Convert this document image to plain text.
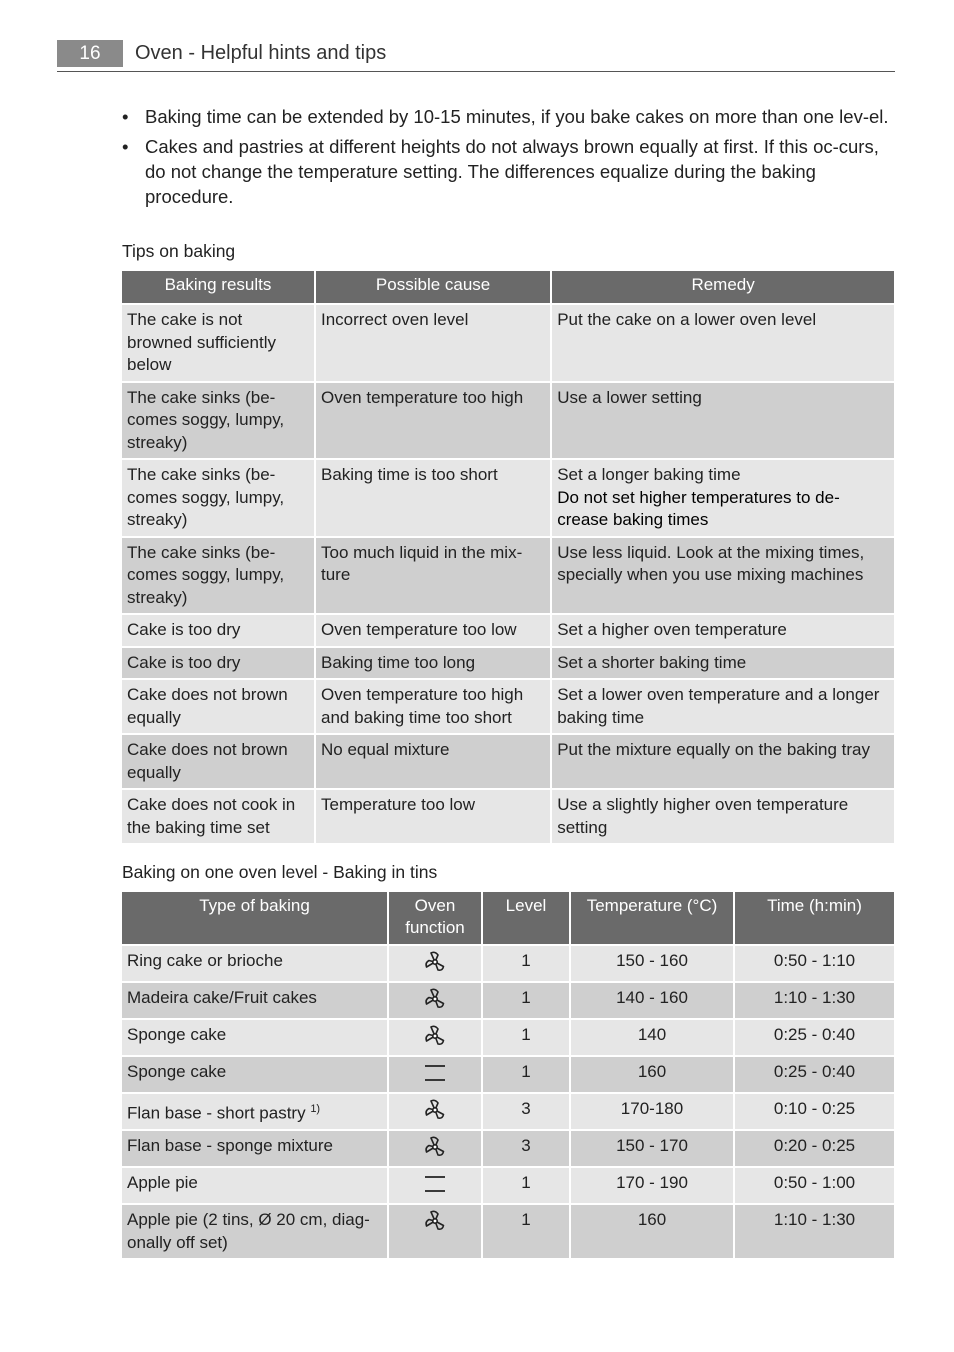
16	Oven - Helpful hints and tips
• Baking time can be extended by 10-15 minutes, if you bake cakes on more than one lev-el.
• Cakes and pastries at different heights do not always brown equally at first. If this oc-curs, do not change the temperature setting. The differences equalize during the baking procedure.
Tips on baking
Baking results	Possible cause	Remedy
The cake is not browned sufficiently below	Incorrect oven level	Put the cake on a lower oven level

The cake sinks (be-comes soggy, lumpy, streaky)	Oven temperature too high	Use a lower setting

The cake sinks (be-comes soggy, lumpy, streaky)	Baking time is too short	Set a longer baking time
Do not set higher temperatures to de-crease baking times

The cake sinks (be-comes soggy, lumpy, streaky)	Too much liquid in the mix-ture	Use less liquid. Look at the mixing times, specially when you use mixing machines

Cake is too dry	Oven temperature too low	Set a higher oven temperature

Cake is too dry	Baking time too long	Set a shorter baking time

Cake does not brown equally	Oven temperature too high and baking time too short	Set a lower oven temperature and a longer baking time

Cake does not brown equally	No equal mixture	Put the mixture equally on the baking tray

Cake does not cook in the baking time set	Temperature too low	Use a slightly higher oven temperature setting
Baking on one oven level - Baking in tins
Type of baking	Oven function	Level	Temperature (°C)	Time (h:min)
Ring cake or brioche		1	150 - 160	0:50 - 1:10
Madeira cake/Fruit cakes		1	140 - 160	1:10 - 1:30
Sponge cake		1	140	0:25 - 0:40
Sponge cake		1	160	0:25 - 0:40
Flan base - short pastry $^{1)}$		3	170-180	0:10 - 0:25
Flan base - sponge mixture		3	150 - 170	0:20 - 0:25
Apple pie		1	170 - 190	0:50 - 1:00
Apple pie (2 tins, Ø 20 cm, diag-onally off set)		1	160	1:10 - 1:30
